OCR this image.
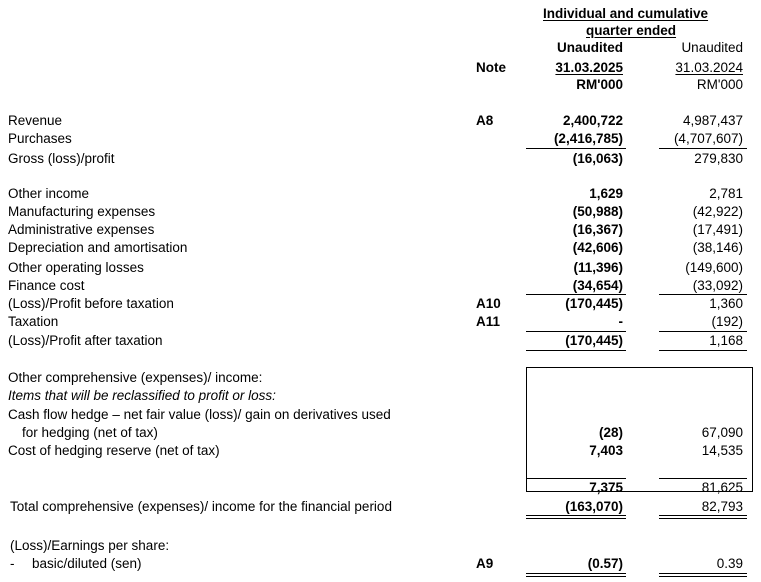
Individual and cumulative
quarter ended
Note
Unaudited
31.03.2025
RM'000
Unaudited
31.03.2024
RM'000
Revenue	A8	2,400,722	4,987,437
Purchases	(2,416,785)	(4,707,607)
Gross (loss)/profit	(16,063)	279,830
Other income	1,629	2,781
Manufacturing expenses	(50,988)	(42,922)
Administrative expenses	(16,367)	(17,491)
Depreciation and amortisation	(42,606)	(38,146)
Other operating losses	(11,396)	(149,600)
Finance cost	(34,654)	(33,092)
(Loss)/Profit before taxation	A10	(170,445)	1,360
Taxation	A11	-	(192)
(Loss)/Profit after taxation	(170,445)	1,168
Other comprehensive (expenses)/ income:
Items that will be reclassified to profit or loss:
Cash flow hedge – net fair value (loss)/ gain on derivatives used
for hedging (net of tax)	(28)	67,090
Cost of hedging reserve (net of tax)	7,403	14,535
7,375	81,625
Total comprehensive (expenses)/ income for the financial period	(163,070)	82,793
(Loss)/Earnings per share:
- basic/diluted (sen)	A9	(0.57)	0.39
